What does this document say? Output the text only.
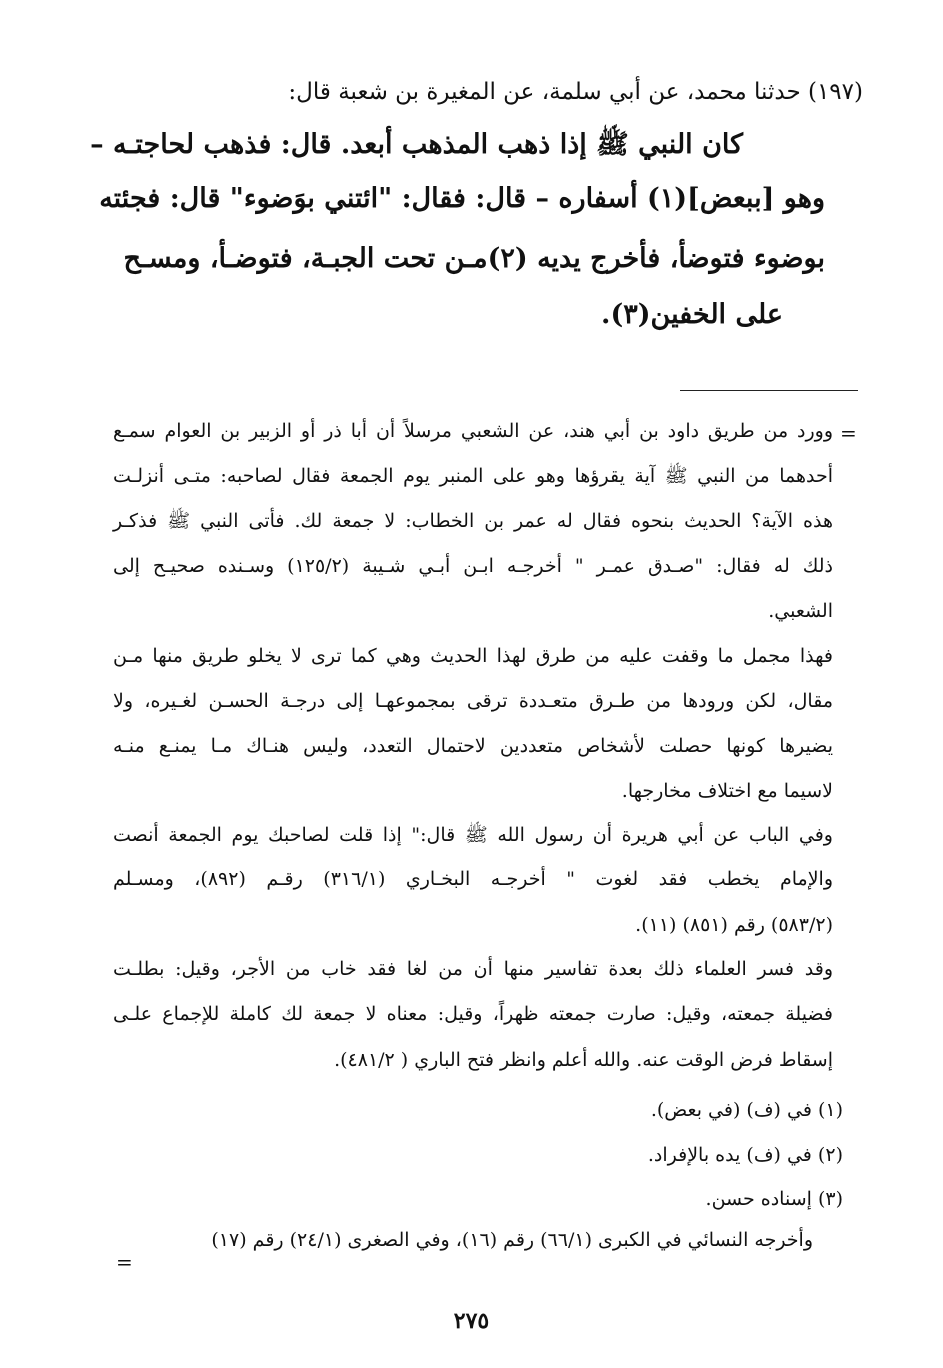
(١٩٧) حدثنا محمد، عن أبي سلمة، عن المغيرة بن شعبة قال:
كان النبي ﷺ إذا ذهب المذهب أبعد. قال: فذهب لحاجتـه –
وهو [ببعض](١) أسفاره – قال: فقال: "ائتني بوَضوء" قال: فجئته
بوضوء فتوضأ، فأخرج يديه (٢)مـن تحت الجبـة، فتوضـأ، ومسـح
على الخفين(٣).
=
وورد من طريق داود بن أبي هند، عن الشعبي مرسلاً أن أبا ذر أو الزبير بن العوام سمـع
أحدهما من النبي ﷺ آية يقرؤها وهو على المنبر يوم الجمعة فقال لصاحبه: متـى أنزلـت
هذه الآية؟ الحديث بنحوه فقال له عمر بن الخطاب: لا جمعة لك. فأتى النبي ﷺ فذكـر
ذلك له فقال: "صـدق عمـر " أخرجـه ابـن أبـي شـيبة (١٢٥/٢) وسـنده صحيـح إلى
الشعبي.
فهذا مجمل ما وقفت عليه من طرق لهذا الحديث وهي كما ترى لا يخلو طريق منها مـن
مقال، لكن ورودها من طـرق متعـددة ترقى بمجموعهـا إلى درجـة الحسـن لغـيره، ولا
يضيرها كونها حصلت لأشخاص متعددين لاحتمال التعدد، وليس هنـاك مـا يمنـع منـه
لاسيما مع اختلاف مخارجها.
وفي الباب عن أبي هريرة أن رسول الله ﷺ قال:" إذا قلت لصاحبك يوم الجمعة أنصت
والإمام يخطب فقد لغوت " أخرجـه البخـاري (٣١٦/١) رقـم (٨٩٢)، ومسـلم
(٥٨٣/٢) رقم (٨٥١) (١١).
وقد فسر العلماء ذلك بعدة تفاسير منها أن من لغا فقد خاب من الأجر، وقيل: بطلـت
فضيلة جمعته، وقيل: صارت جمعته ظهراً، وقيل: معناه لا جمعة لك كاملة للإجماع علـى
إسقاط فرض الوقت عنه. والله أعلم وانظر فتح الباري ( ٤٨١/٢).
(١) في (ف) (في بعض).
(٢) في (ف) يده بالإفراد.
(٣) إسناده حسن.
وأخرجه النسائي في الكبرى (٦٦/١) رقم (١٦)، وفي الصغرى (٢٤/١) رقم (١٧)
=
٢٧٥
